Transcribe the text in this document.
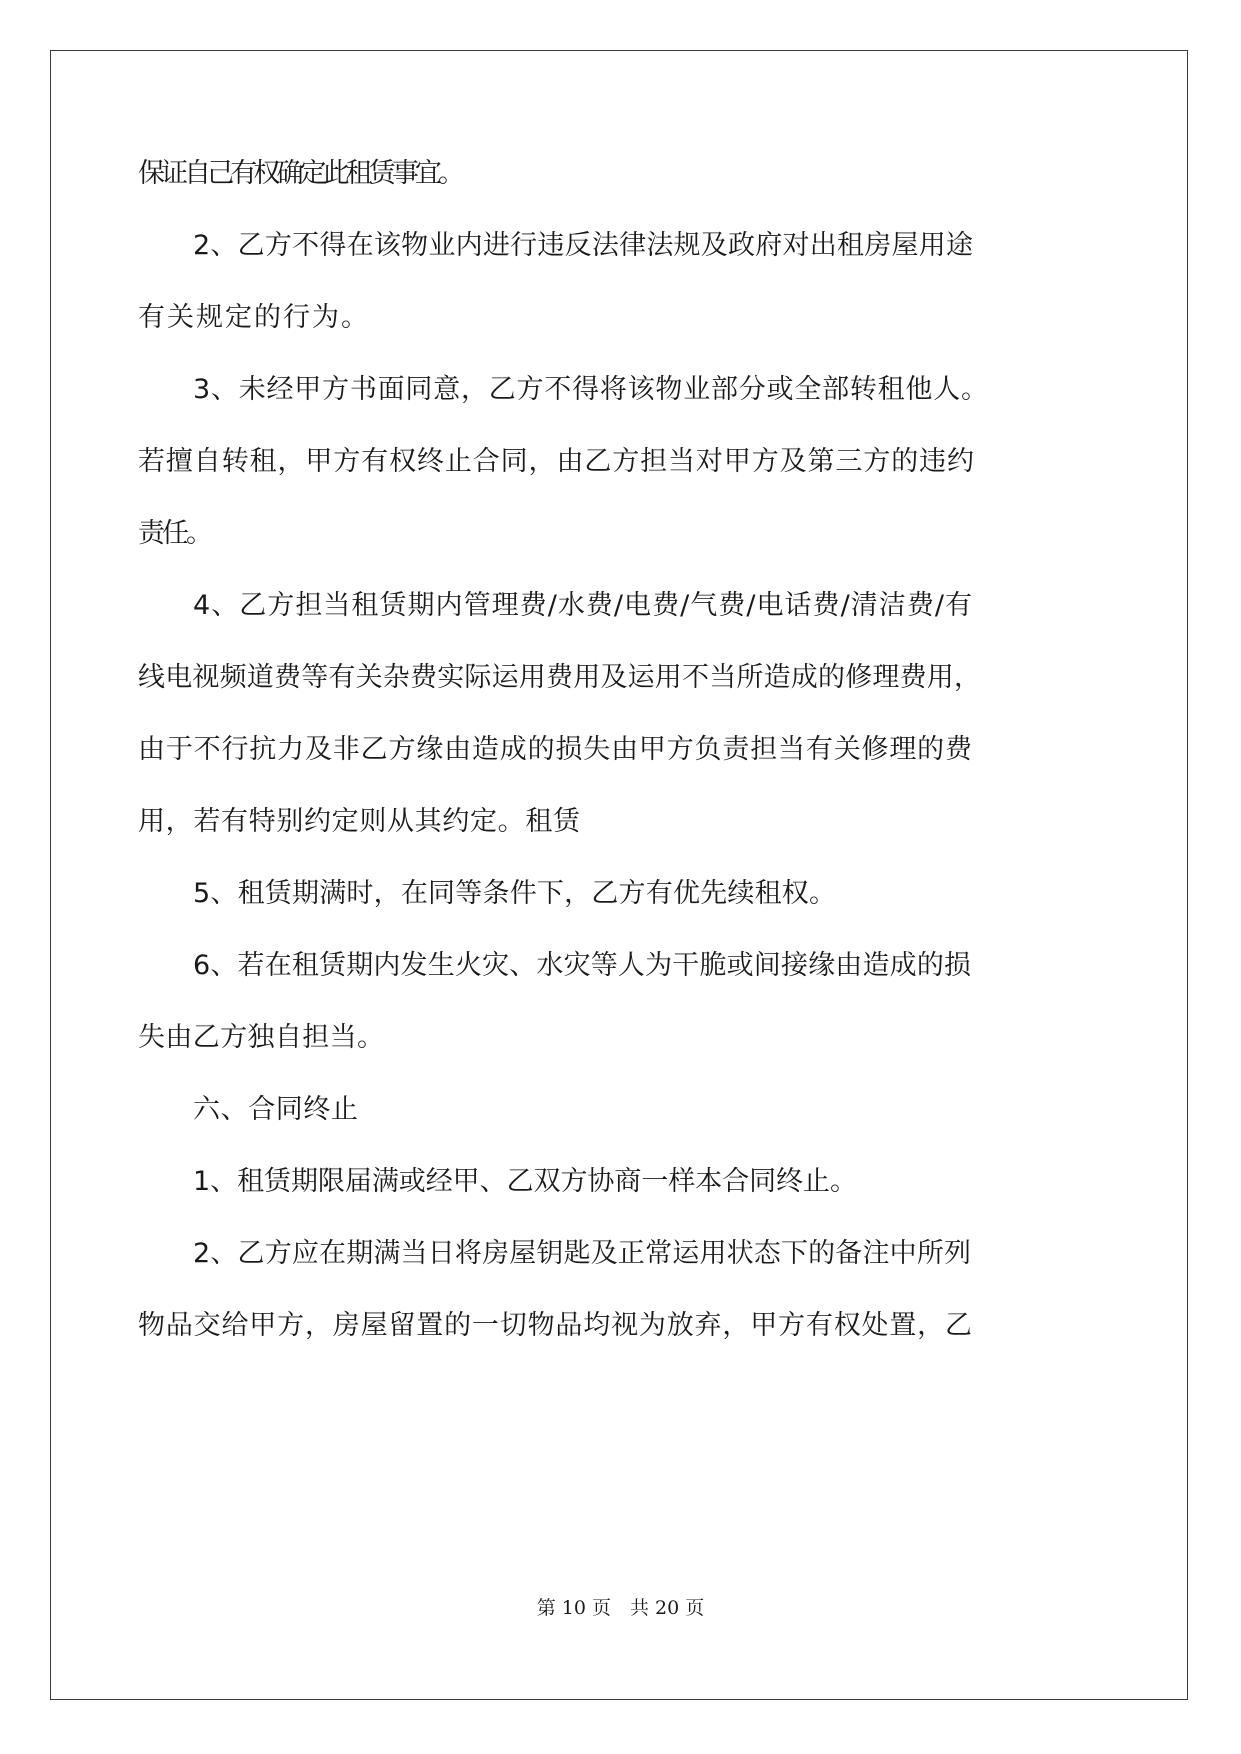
保证自己有权确定此租赁事宜。
2、乙方不得在该物业内进行违反法律法规及政府对出租房屋用途
有关规定的行为。
3、未经甲方书面同意，乙方不得将该物业部分或全部转租他人。
若擅自转租，甲方有权终止合同，由乙方担当对甲方及第三方的违约
责任。
4、乙方担当租赁期内管理费/水费/电费/气费/电话费/清洁费/有
线电视频道费等有关杂费实际运用费用及运用不当所造成的修理费用，
由于不行抗力及非乙方缘由造成的损失由甲方负责担当有关修理的费
用，若有特别约定则从其约定。租赁
5、租赁期满时，在同等条件下，乙方有优先续租权。
6、若在租赁期内发生火灾、水灾等人为干脆或间接缘由造成的损
失由乙方独自担当。
六、合同终止
1、租赁期限届满或经甲、乙双方协商一样本合同终止。
2、乙方应在期满当日将房屋钥匙及正常运用状态下的备注中所列
物品交给甲方，房屋留置的一切物品均视为放弃，甲方有权处置，乙
第 10 页　共 20 页
